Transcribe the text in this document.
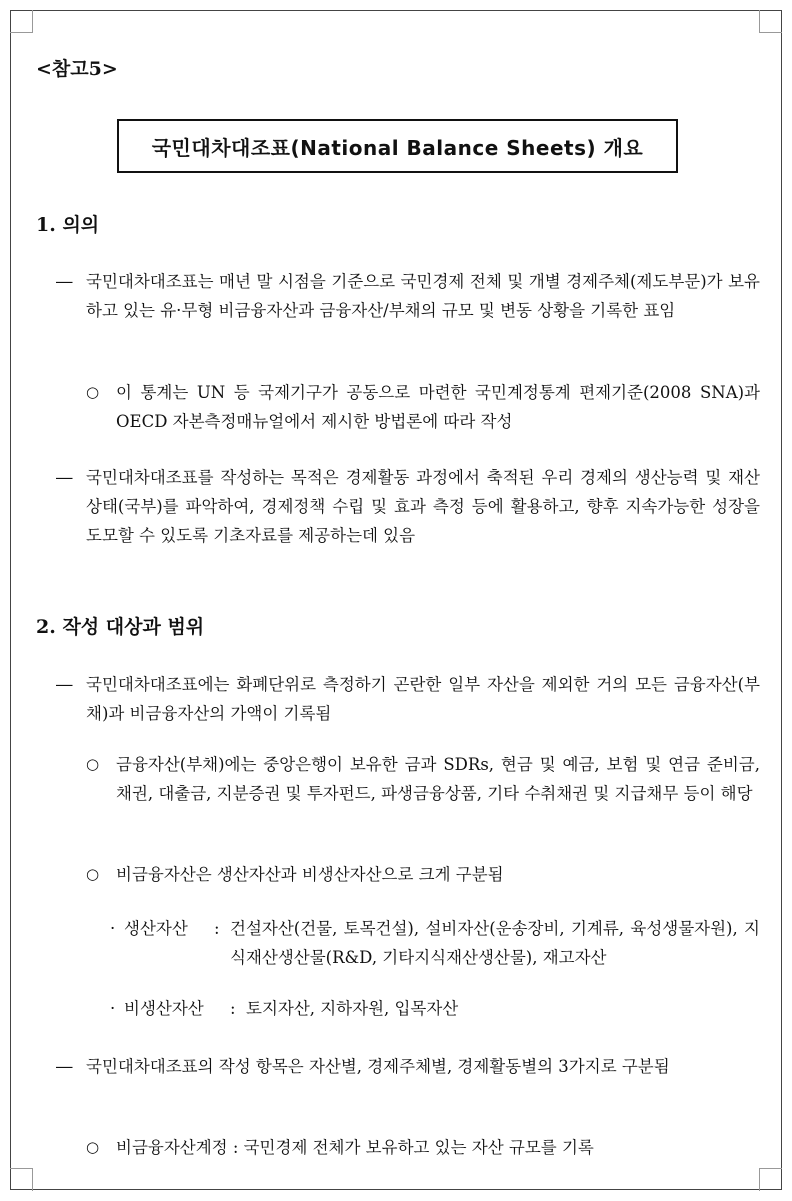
<참고5>
국민대차대조표(National Balance Sheets) 개요
1. 의의
― 국민대차대조표는 매년 말 시점을 기준으로 국민경제 전체 및 개별 경제주체(제도부문)가 보유하고 있는 유·무형 비금융자산과 금융자산/부채의 규모 및 변동 상황을 기록한 표임
○ 이 통계는 UN 등 국제기구가 공동으로 마련한 국민계정통계 편제기준(2008 SNA)과 OECD 자본측정매뉴얼에서 제시한 방법론에 따라 작성
― 국민대차대조표를 작성하는 목적은 경제활동 과정에서 축적된 우리 경제의 생산능력 및 재산상태(국부)를 파악하여, 경제정책 수립 및 효과 측정 등에 활용하고, 향후 지속가능한 성장을 도모할 수 있도록 기초자료를 제공하는데 있음
2. 작성 대상과 범위
― 국민대차대조표에는 화폐단위로 측정하기 곤란한 일부 자산을 제외한 거의 모든 금융자산(부채)과 비금융자산의 가액이 기록됨
○ 금융자산(부채)에는 중앙은행이 보유한 금과 SDRs, 현금 및 예금, 보험 및 연금 준비금, 채권, 대출금, 지분증권 및 투자펀드, 파생금융상품, 기타 수취채권 및 지급채무 등이 해당
○ 비금융자산은 생산자산과 비생산자산으로 크게 구분됨
· 생산자산 : 건설자산(건물, 토목건설), 설비자산(운송장비, 기계류, 육성생물자원), 지식재산생산물(R&D, 기타지식재산생산물), 재고자산
· 비생산자산 : 토지자산, 지하자원, 입목자산
― 국민대차대조표의 작성 항목은 자산별, 경제주체별, 경제활동별의 3가지로 구분됨
○ 비금융자산계정 : 국민경제 전체가 보유하고 있는 자산 규모를 기록
